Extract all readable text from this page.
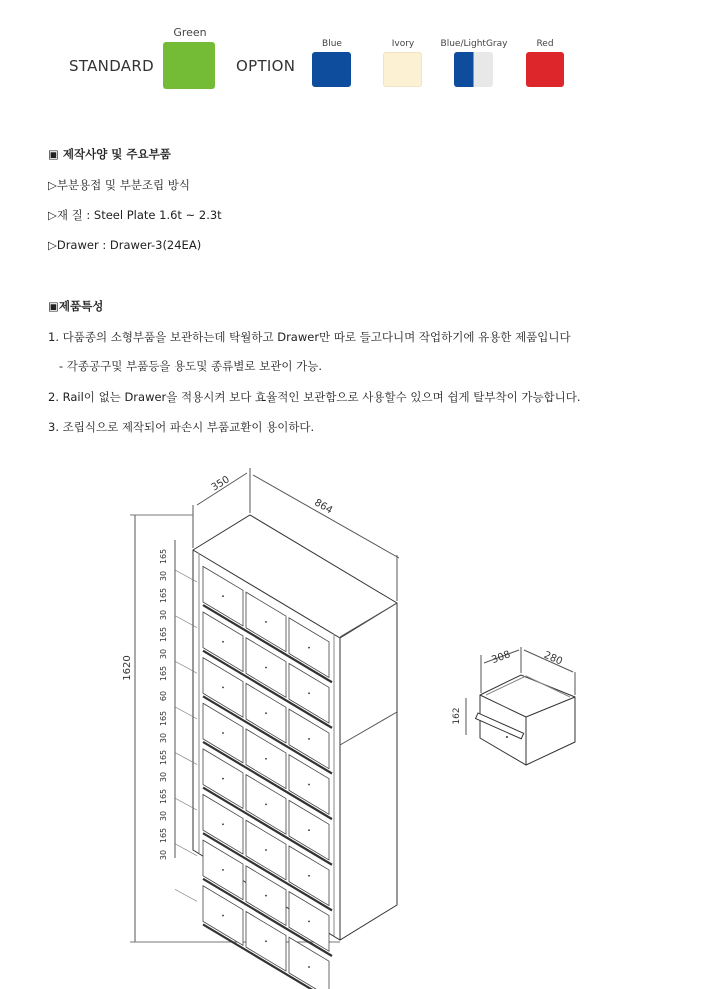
STANDARD
Green
OPTION
Blue	Ivory	Blue/LightGray	Red
▣ 제작사양 및 주요부품
▷부분용접 및 부분조립 방식
▷재 질 : Steel Plate 1.6t ~ 2.3t
▷Drawer : Drawer-3(24EA)
▣제품특성
1. 다품종의 소형부품을 보관하는데 탁월하고 Drawer만 따로 들고다니며 작업하기에 유용한 제품입니다
- 각종공구및 부품등을 용도및 종류별로 보관이 가능.
2. Rail이 없는 Drawer을 적용시켜 보다 효율적인 보관함으로 사용할수 있으며 쉽게 탈부착이 가능합니다.
3. 조립식으로 제작되어 파손시 부품교환이 용이하다.
350
864
1620
165
30
165
30
165
30
165
60
165
30
165
30
165
30
165
30
308	280
162
